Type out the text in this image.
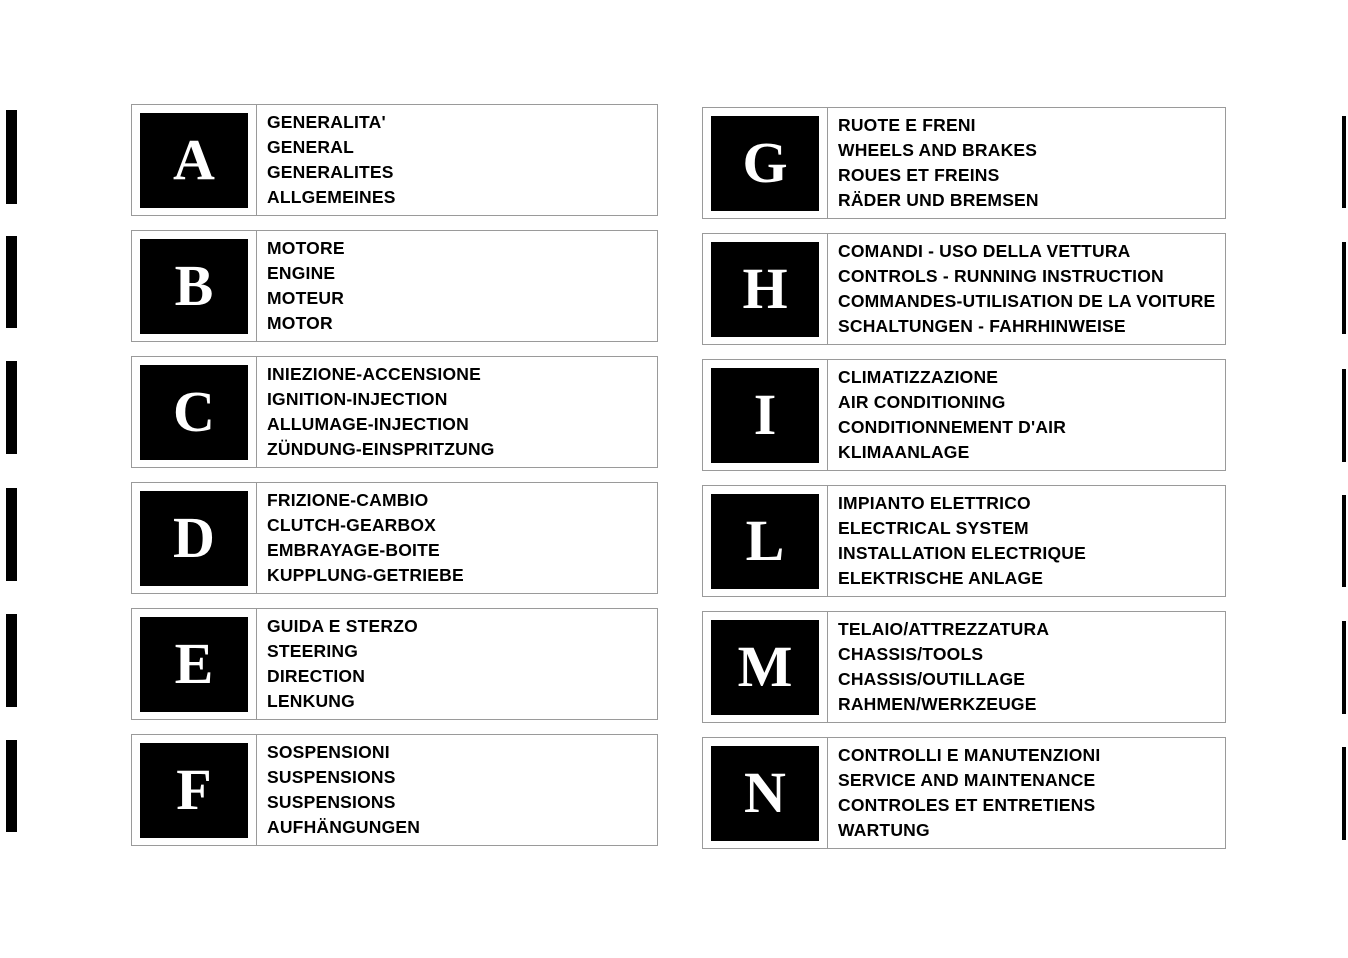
A
GENERALITA'
GENERAL
GENERALITES
ALLGEMEINES
B
MOTORE
ENGINE
MOTEUR
MOTOR
C
INIEZIONE-ACCENSIONE
IGNITION-INJECTION
ALLUMAGE-INJECTION
ZÜNDUNG-EINSPRITZUNG
D
FRIZIONE-CAMBIO
CLUTCH-GEARBOX
EMBRAYAGE-BOITE
KUPPLUNG-GETRIEBE
E
GUIDA E STERZO
STEERING
DIRECTION
LENKUNG
F
SOSPENSIONI
SUSPENSIONS
SUSPENSIONS
AUFHÄNGUNGEN
G
RUOTE E FRENI
WHEELS AND BRAKES
ROUES ET FREINS
RÄDER UND BREMSEN
H
COMANDI - USO DELLA VETTURA
CONTROLS - RUNNING INSTRUCTION
COMMANDES-UTILISATION DE LA VOITURE
SCHALTUNGEN - FAHRHINWEISE
I
CLIMATIZZAZIONE
AIR CONDITIONING
CONDITIONNEMENT D'AIR
KLIMAANLAGE
L
IMPIANTO ELETTRICO
ELECTRICAL SYSTEM
INSTALLATION ELECTRIQUE
ELEKTRISCHE ANLAGE
M
TELAIO/ATTREZZATURA
CHASSIS/TOOLS
CHASSIS/OUTILLAGE
RAHMEN/WERKZEUGE
N
CONTROLLI E MANUTENZIONI
SERVICE AND MAINTENANCE
CONTROLES ET ENTRETIENS
WARTUNG
